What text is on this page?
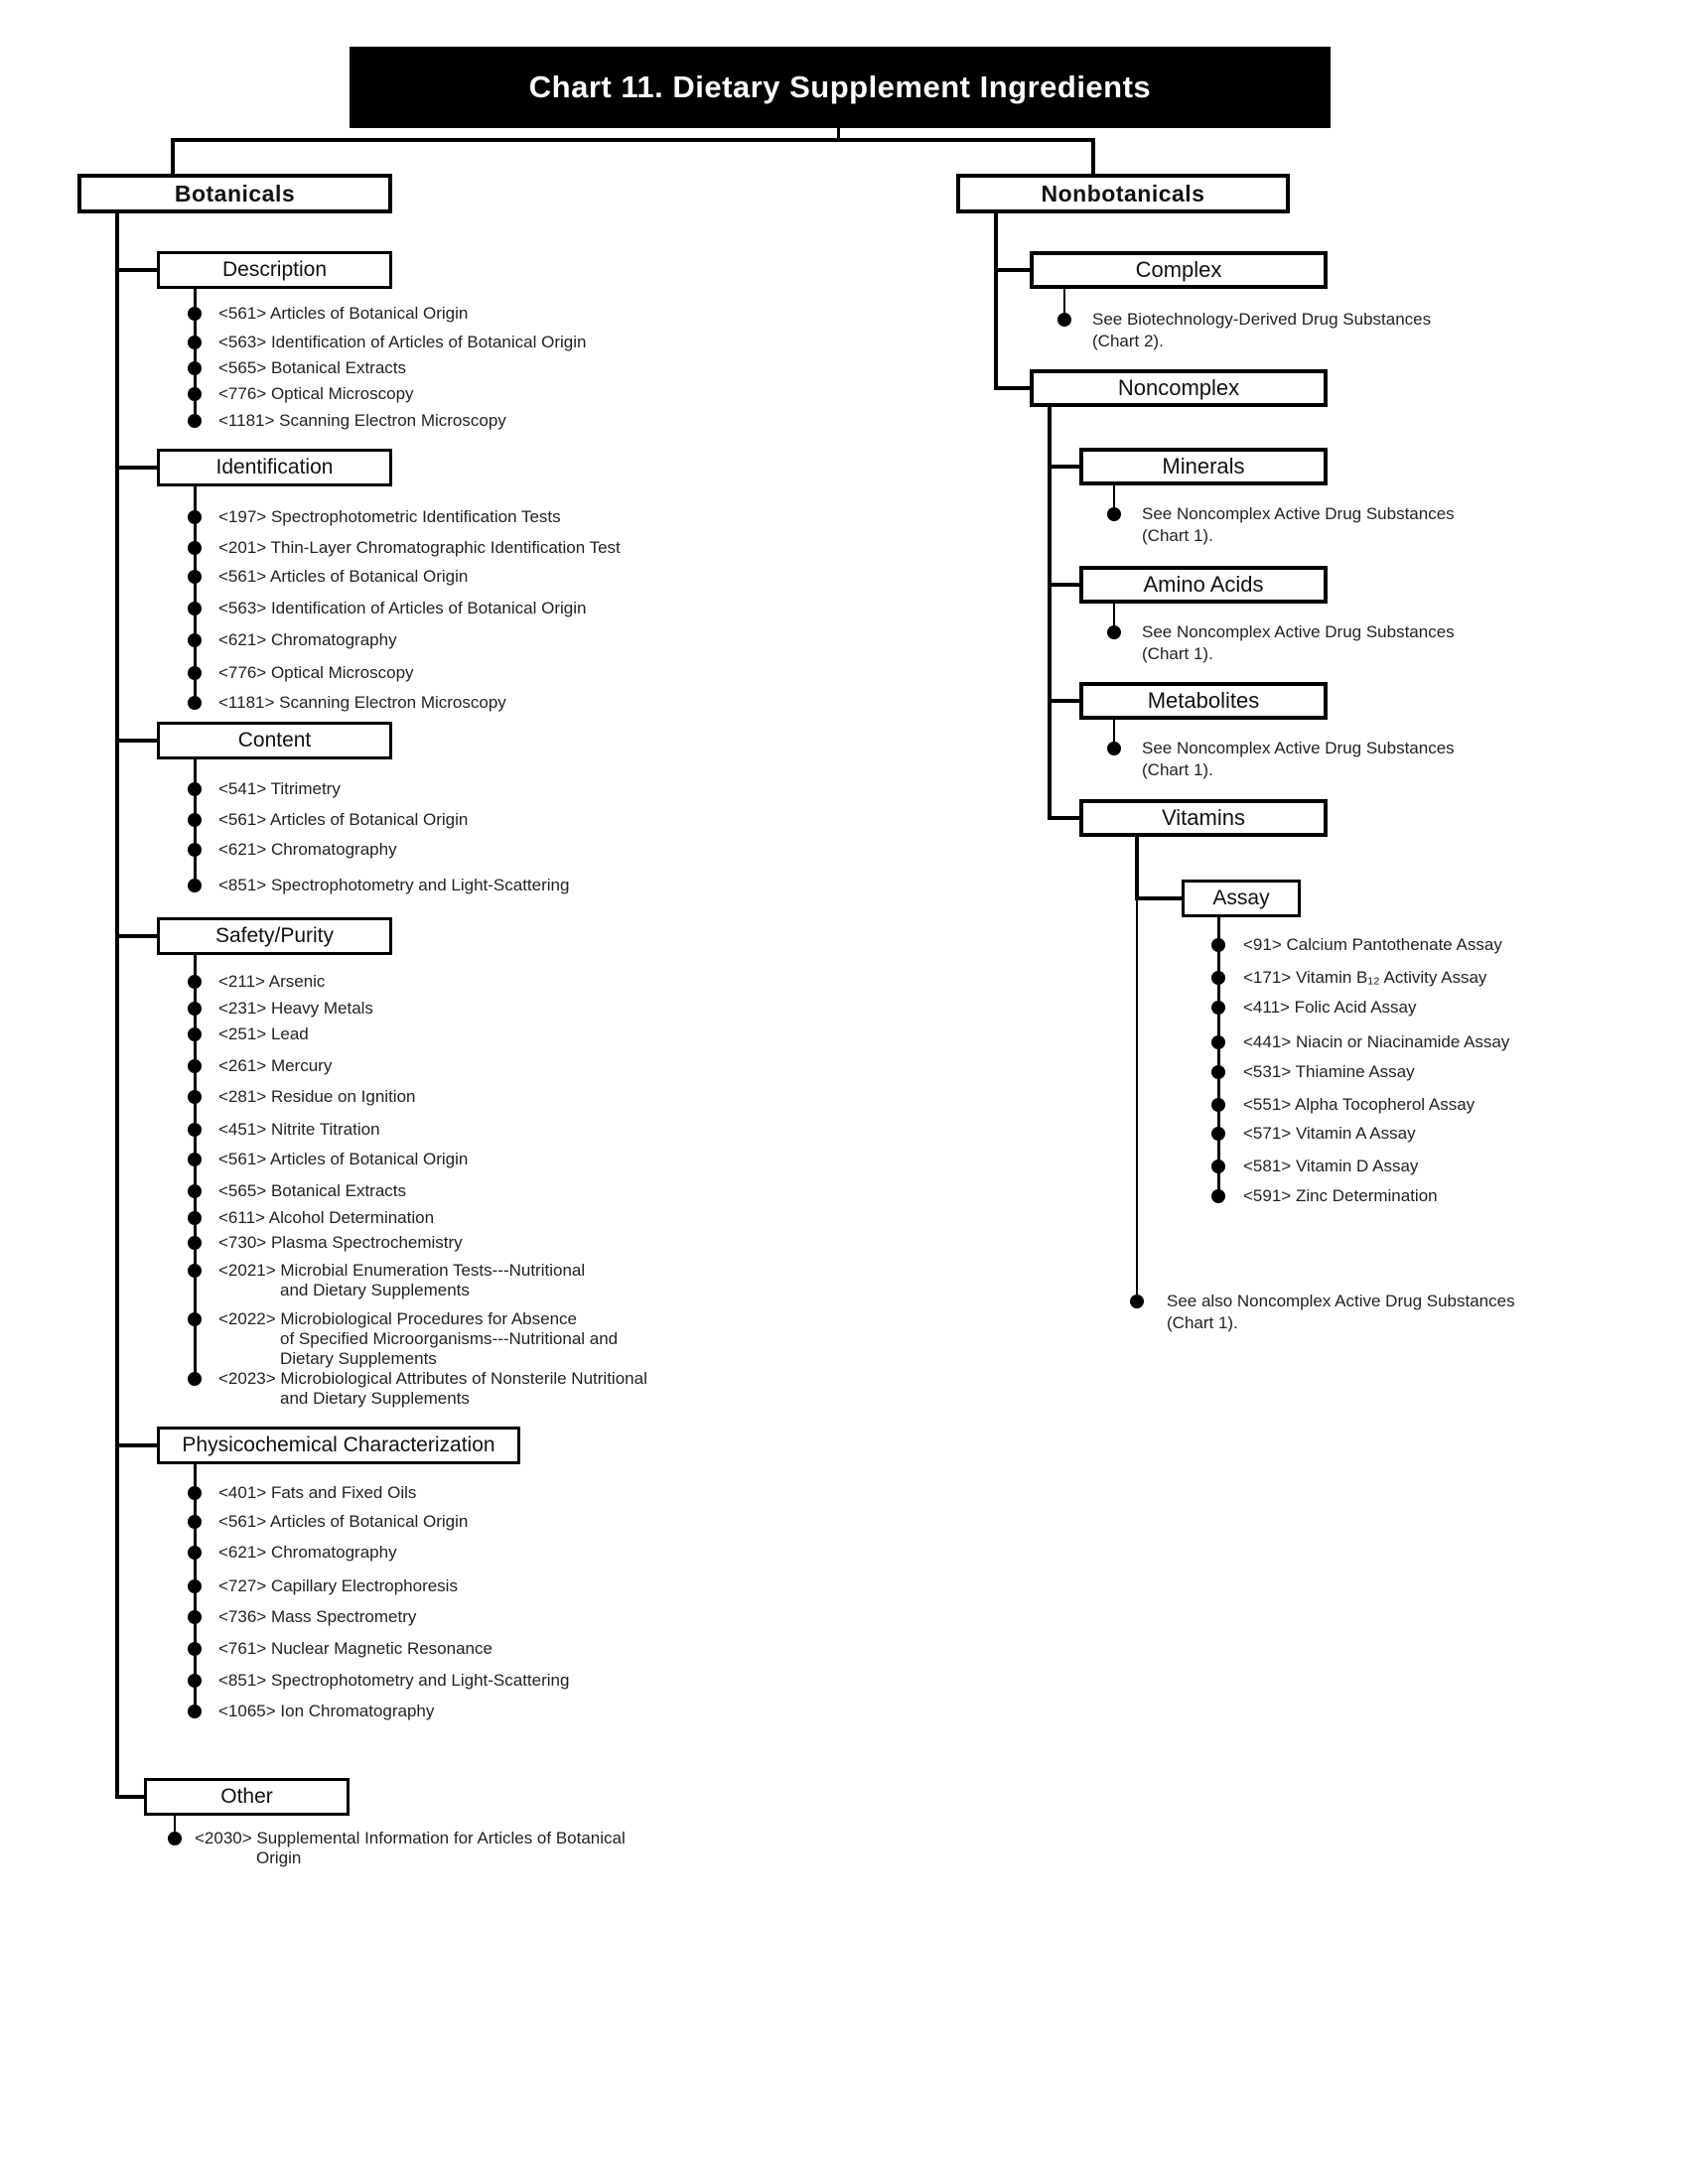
Chart 11. Dietary Supplement Ingredients
Botanicals	Nonbotanicals
Description
<561> Articles of Botanical Origin
<563> Identification of Articles of Botanical Origin
<565> Botanical Extracts
<776> Optical Microscopy
<1181> Scanning Electron Microscopy
Identification
<197> Spectrophotometric Identification Tests
<201> Thin-Layer Chromatographic Identification Test
<561> Articles of Botanical Origin
<563> Identification of Articles of Botanical Origin
<621> Chromatography
<776> Optical Microscopy
<1181> Scanning Electron Microscopy
Content
<541> Titrimetry
<561> Articles of Botanical Origin
<621> Chromatography
<851> Spectrophotometry and Light-Scattering
Safety/Purity
<211> Arsenic
<231> Heavy Metals
<251> Lead
<261> Mercury
<281> Residue on Ignition
<451> Nitrite Titration
<561> Articles of Botanical Origin
<565> Botanical Extracts
<611> Alcohol Determination
<730> Plasma Spectrochemistry
<2021> Microbial Enumeration Tests---Nutritional
and Dietary Supplements
<2022> Microbiological Procedures for Absence
of Specified Microorganisms---Nutritional and
Dietary Supplements
<2023> Microbiological Attributes of Nonsterile Nutritional
and Dietary Supplements
Physicochemical Characterization
<401> Fats and Fixed Oils
<561> Articles of Botanical Origin
<621> Chromatography
<727> Capillary Electrophoresis
<736> Mass Spectrometry
<761> Nuclear Magnetic Resonance
<851> Spectrophotometry and Light-Scattering
<1065> Ion Chromatography
Other
<2030> Supplemental Information for Articles of Botanical
Origin
Complex
See Biotechnology-Derived Drug Substances
(Chart 2).
Noncomplex
Minerals
See Noncomplex Active Drug Substances
(Chart 1).
Amino Acids
See Noncomplex Active Drug Substances
(Chart 1).
Metabolites
See Noncomplex Active Drug Substances
(Chart 1).
Vitamins
Assay
<91> Calcium Pantothenate Assay
<171> Vitamin B₁₂ Activity Assay
<411> Folic Acid Assay
<441> Niacin or Niacinamide Assay
<531> Thiamine Assay
<551> Alpha Tocopherol Assay
<571> Vitamin A Assay
<581> Vitamin D Assay
<591> Zinc Determination
See also Noncomplex Active Drug Substances
(Chart 1).
